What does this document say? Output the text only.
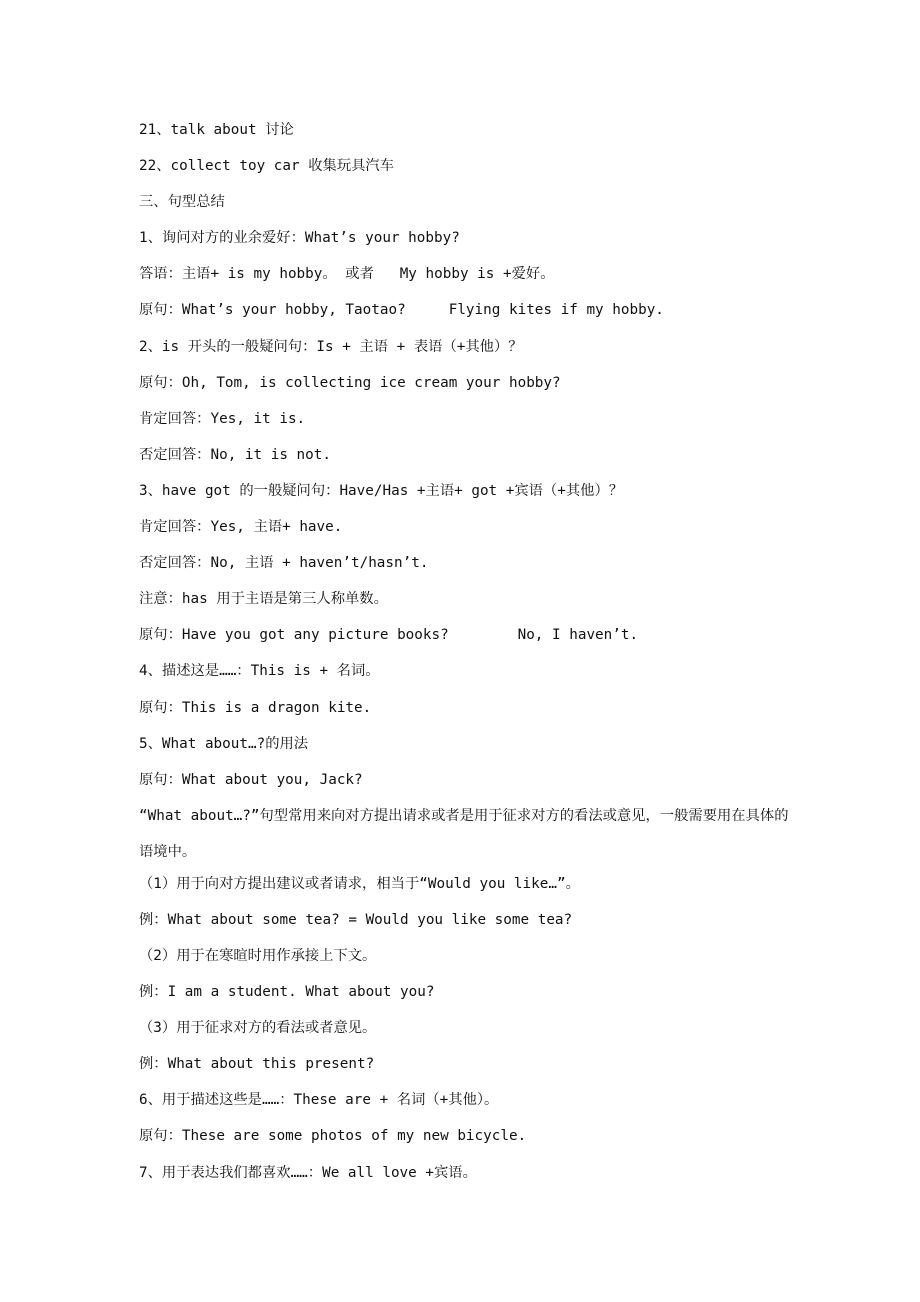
21、talk about 讨论
22、collect toy car 收集玩具汽车
三、句型总结
1、询问对方的业余爱好：What’s your hobby?
答语：主语+ is my hobby。 或者   My hobby is +爱好。
原句：What’s your hobby, Taotao?     Flying kites if my hobby.
2、is 开头的一般疑问句：Is + 主语 + 表语（+其他）？
原句：Oh, Tom, is collecting ice cream your hobby?
肯定回答：Yes, it is.
否定回答：No, it is not.
3、have got 的一般疑问句：Have/Has +主语+ got +宾语（+其他）？
肯定回答：Yes, 主语+ have.
否定回答：No, 主语 + haven’t/hasn’t.
注意：has 用于主语是第三人称单数。
原句：Have you got any picture books?        No, I haven’t.
4、描述这是……：This is + 名词。
原句：This is a dragon kite.
5、What about…?的用法
原句：What about you, Jack?
“What about…?”句型常用来向对方提出请求或者是用于征求对方的看法或意见，一般需要用在具体的语境中。
（1）用于向对方提出建议或者请求，相当于“Would you like…”。
例：What about some tea? = Would you like some tea?
（2）用于在寒暄时用作承接上下文。
例：I am a student. What about you?
（3）用于征求对方的看法或者意见。
例：What about this present?
6、用于描述这些是……：These are + 名词（+其他）。
原句：These are some photos of my new bicycle.
7、用于表达我们都喜欢……：We all love +宾语。
